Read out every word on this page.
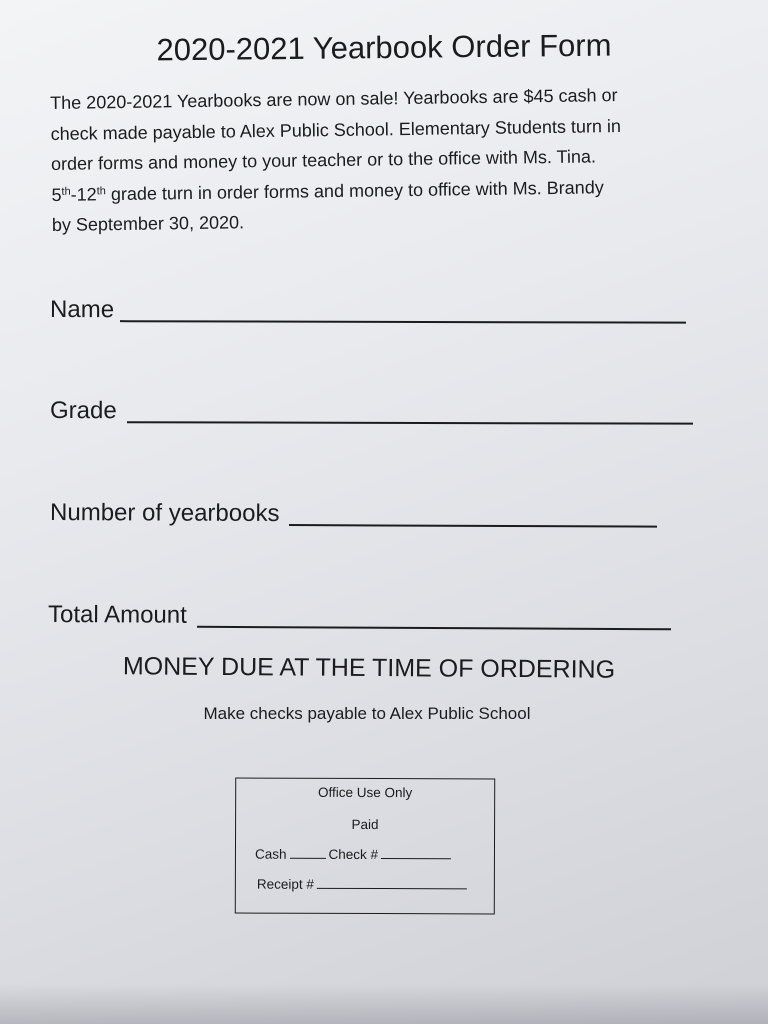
2020-2021 Yearbook Order Form

The 2020-2021 Yearbooks are now on sale! Yearbooks are $45 cash or
check made payable to Alex Public School. Elementary Students turn in
order forms and money to your teacher or to the office with Ms. Tina.
5th-12th grade turn in order forms and money to office with Ms. Brandy
by September 30, 2020.

Name
Grade
Number of yearbooks
Total Amount

MONEY DUE AT THE TIME OF ORDERING

Make checks payable to Alex Public School

Office Use Only
Paid
Cash	Check #
Receipt #
